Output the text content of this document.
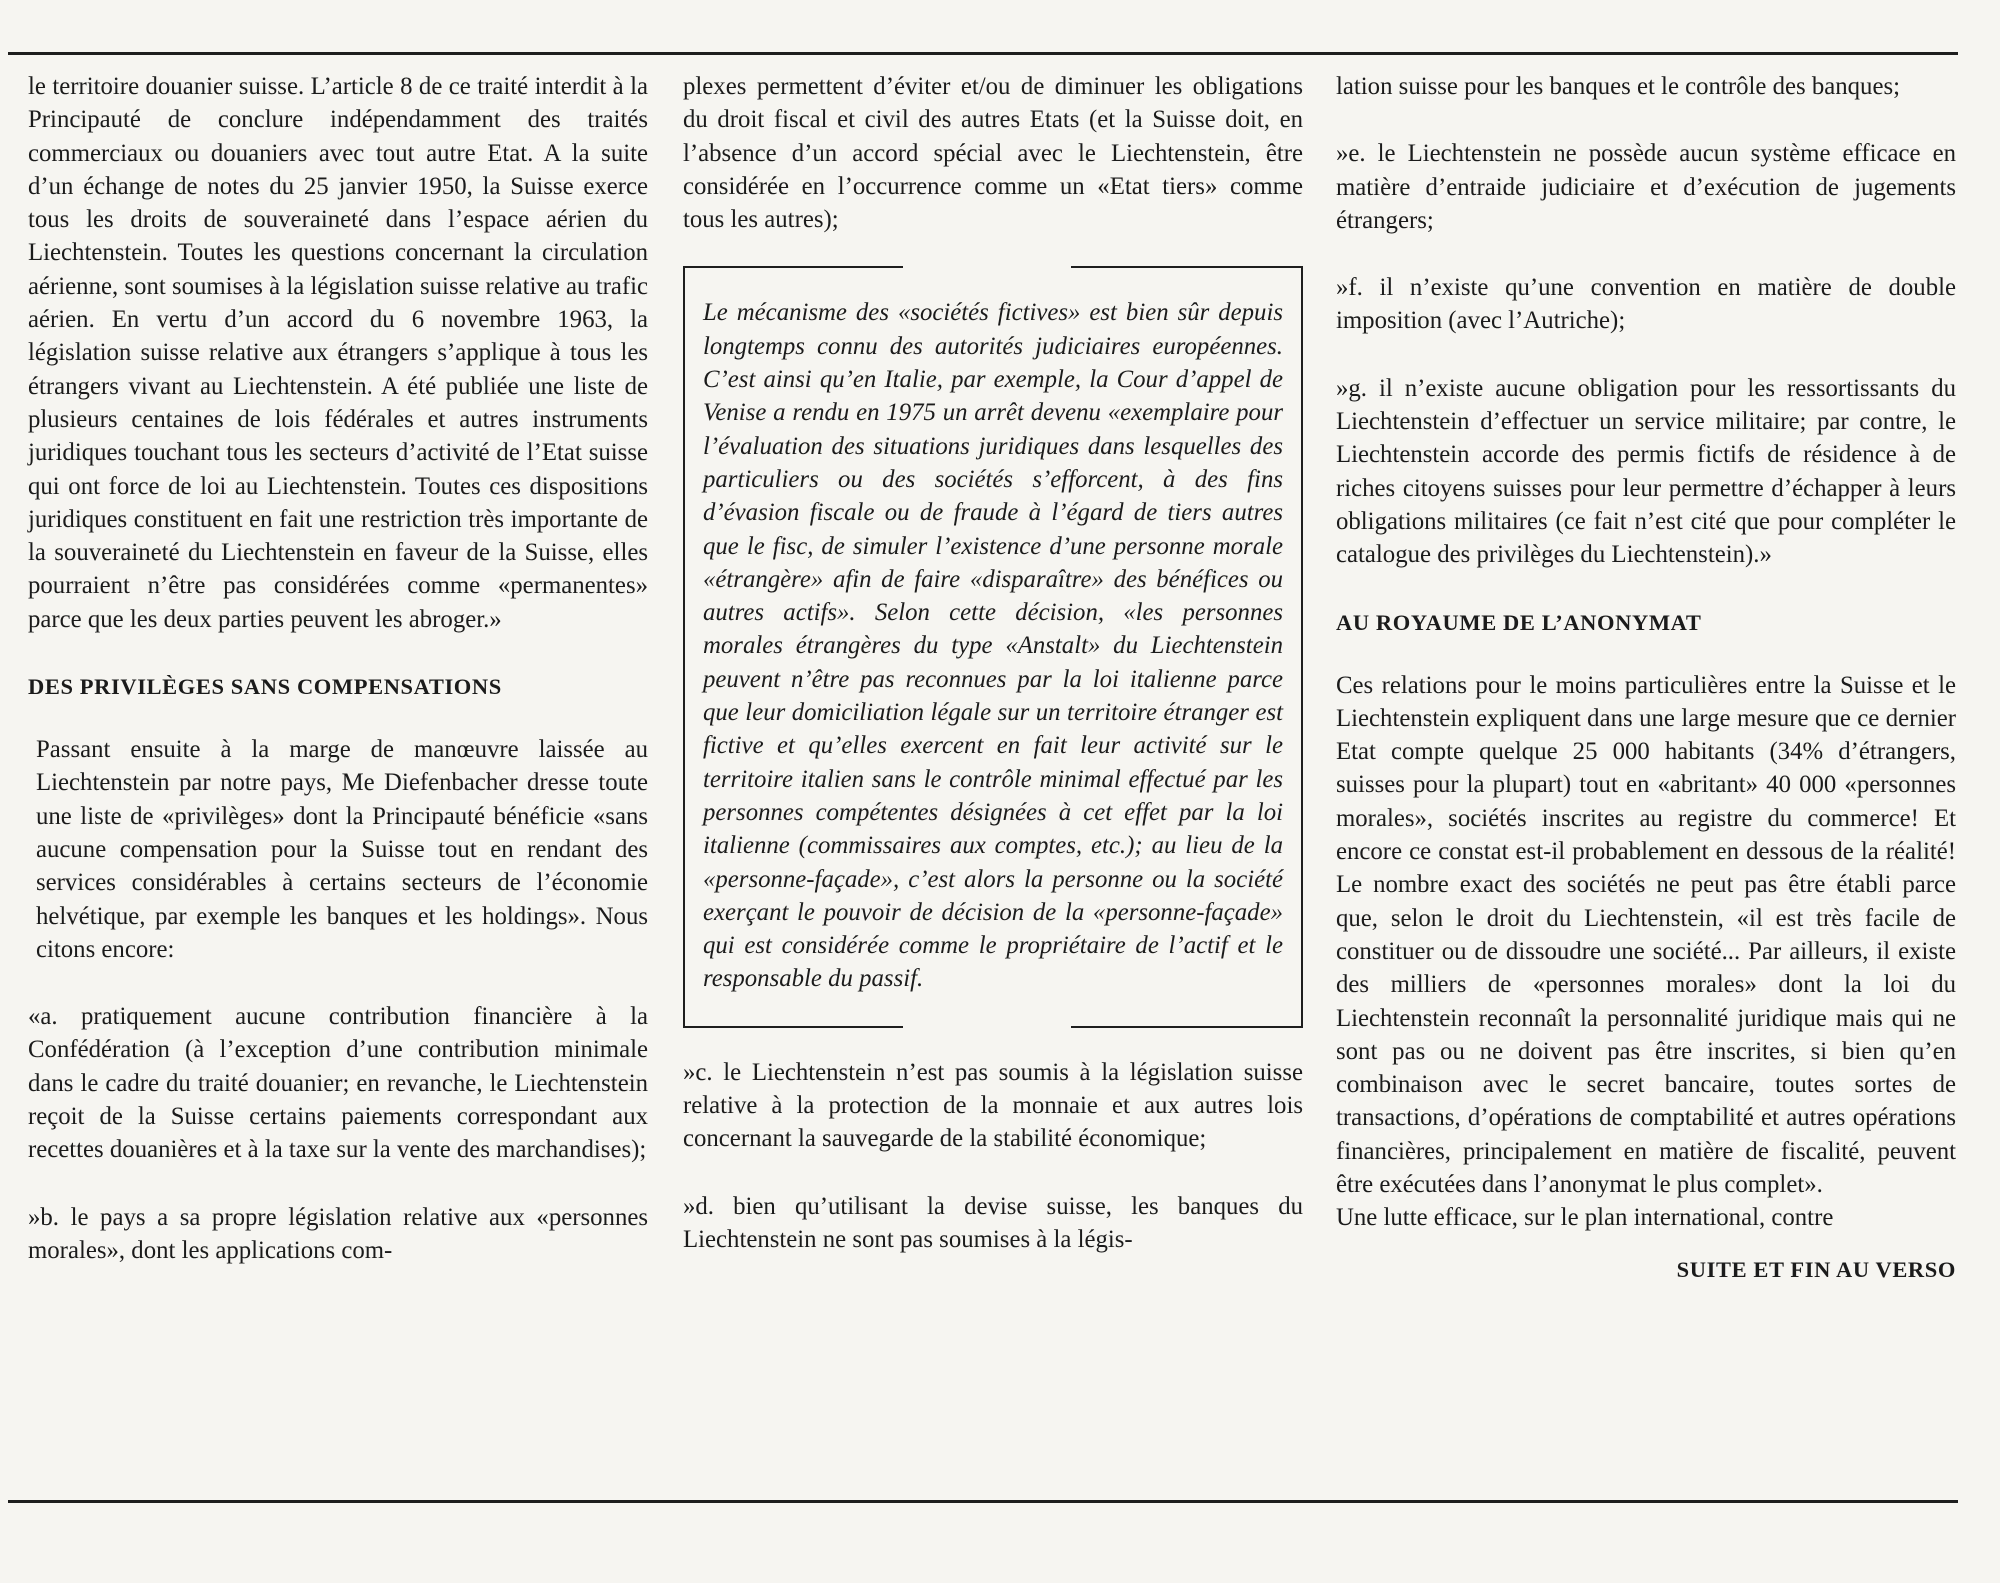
le territoire douanier suisse. L’article 8 de ce traité interdit à la Principauté de conclure indépendamment des traités commerciaux ou douaniers avec tout autre Etat. A la suite d’un échange de notes du 25 janvier 1950, la Suisse exerce tous les droits de souveraineté dans l’espace aérien du Liechtenstein. Toutes les questions concernant la circulation aérienne, sont soumises à la législation suisse relative au trafic aérien. En vertu d’un accord du 6 novembre 1963, la législation suisse relative aux étrangers s’applique à tous les étrangers vivant au Liechtenstein. A été publiée une liste de plusieurs centaines de lois fédérales et autres instruments juridiques touchant tous les secteurs d’activité de l’Etat suisse qui ont force de loi au Liechtenstein. Toutes ces dispositions juridiques constituent en fait une restriction très importante de la souveraineté du Liechtenstein en faveur de la Suisse, elles pourraient n’être pas considérées comme «permanentes» parce que les deux parties peuvent les abroger.»

DES PRIVILÈGES SANS COMPENSATIONS

Passant ensuite à la marge de manœuvre laissée au Liechtenstein par notre pays, Me Diefenbacher dresse toute une liste de «privilèges» dont la Principauté bénéficie «sans aucune compensation pour la Suisse tout en rendant des services considérables à certains secteurs de l’économie helvétique, par exemple les banques et les holdings». Nous citons encore:

«a. pratiquement aucune contribution financière à la Confédération (à l’exception d’une contribution minimale dans le cadre du traité douanier; en revanche, le Liechtenstein reçoit de la Suisse certains paiements correspondant aux recettes douanières et à la taxe sur la vente des marchandises);

»b. le pays a sa propre législation relative aux «personnes morales», dont les applications com-

plexes permettent d’éviter et/ou de diminuer les obligations du droit fiscal et civil des autres Etats (et la Suisse doit, en l’absence d’un accord spécial avec le Liechtenstein, être considérée en l’occurrence comme un «Etat tiers» comme tous les autres);

Le mécanisme des «sociétés fictives» est bien sûr depuis longtemps connu des autorités judiciaires européennes. C’est ainsi qu’en Italie, par exemple, la Cour d’appel de Venise a rendu en 1975 un arrêt devenu «exemplaire pour l’évaluation des situations juridiques dans lesquelles des particuliers ou des sociétés s’efforcent, à des fins d’évasion fiscale ou de fraude à l’égard de tiers autres que le fisc, de simuler l’existence d’une personne morale «étrangère» afin de faire «disparaître» des bénéfices ou autres actifs». Selon cette décision, «les personnes morales étrangères du type «Anstalt» du Liechtenstein peuvent n’être pas reconnues par la loi italienne parce que leur domiciliation légale sur un territoire étranger est fictive et qu’elles exercent en fait leur activité sur le territoire italien sans le contrôle minimal effectué par les personnes compétentes désignées à cet effet par la loi italienne (commissaires aux comptes, etc.); au lieu de la «personne-façade», c’est alors la personne ou la société exerçant le pouvoir de décision de la «personne-façade» qui est considérée comme le propriétaire de l’actif et le responsable du passif.

»c. le Liechtenstein n’est pas soumis à la législation suisse relative à la protection de la monnaie et aux autres lois concernant la sauvegarde de la stabilité économique;

»d. bien qu’utilisant la devise suisse, les banques du Liechtenstein ne sont pas soumises à la légis-

lation suisse pour les banques et le contrôle des banques;

»e. le Liechtenstein ne possède aucun système efficace en matière d’entraide judiciaire et d’exécution de jugements étrangers;

»f. il n’existe qu’une convention en matière de double imposition (avec l’Autriche);

»g. il n’existe aucune obligation pour les ressortissants du Liechtenstein d’effectuer un service militaire; par contre, le Liechtenstein accorde des permis fictifs de résidence à de riches citoyens suisses pour leur permettre d’échapper à leurs obligations militaires (ce fait n’est cité que pour compléter le catalogue des privilèges du Liechtenstein).»

AU ROYAUME DE L’ANONYMAT

Ces relations pour le moins particulières entre la Suisse et le Liechtenstein expliquent dans une large mesure que ce dernier Etat compte quelque 25 000 habitants (34% d’étrangers, suisses pour la plupart) tout en «abritant» 40 000 «personnes morales», sociétés inscrites au registre du commerce! Et encore ce constat est-il probablement en dessous de la réalité! Le nombre exact des sociétés ne peut pas être établi parce que, selon le droit du Liechtenstein, «il est très facile de constituer ou de dissoudre une société... Par ailleurs, il existe des milliers de «personnes morales» dont la loi du Liechtenstein reconnaît la personnalité juridique mais qui ne sont pas ou ne doivent pas être inscrites, si bien qu’en combinaison avec le secret bancaire, toutes sortes de transactions, d’opérations de comptabilité et autres opérations financières, principalement en matière de fiscalité, peuvent être exécutées dans l’anonymat le plus complet».

Une lutte efficace, sur le plan international, contre

SUITE ET FIN AU VERSO
